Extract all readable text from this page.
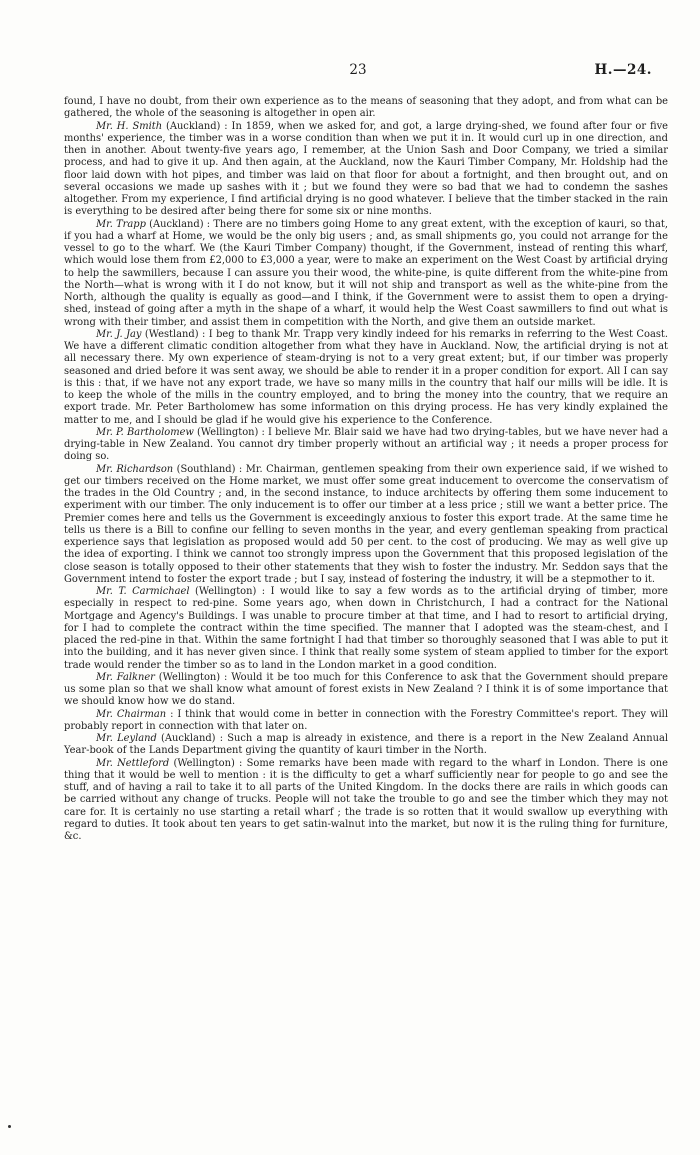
23	H.—24.

found, I have no doubt, from their own experience as to the means of seasoning that they adopt, and from what can be gathered, the whole of the seasoning is altogether in open air.

Mr. H. Smith (Auckland) : In 1859, when we asked for, and got, a large drying-shed, we found after four or five months' experience, the timber was in a worse condition than when we put it in. It would curl up in one direction, and then in another. About twenty-five years ago, I remember, at the Union Sash and Door Company, we tried a similar process, and had to give it up. And then again, at the Auckland, now the Kauri Timber Company, Mr. Holdship had the floor laid down with hot pipes, and timber was laid on that floor for about a fortnight, and then brought out, and on several occasions we made up sashes with it ; but we found they were so bad that we had to condemn the sashes altogether. From my experience, I find artificial drying is no good whatever. I believe that the timber stacked in the rain is everything to be desired after being there for some six or nine months.

Mr. Trapp (Auckland) : There are no timbers going Home to any great extent, with the exception of kauri, so that, if you had a wharf at Home, we would be the only big users ; and, as small shipments go, you could not arrange for the vessel to go to the wharf. We (the Kauri Timber Company) thought, if the Government, instead of renting this wharf, which would lose them from £2,000 to £3,000 a year, were to make an experiment on the West Coast by artificial drying to help the sawmillers, because I can assure you their wood, the white-pine, is quite different from the white-pine from the North—what is wrong with it I do not know, but it will not ship and transport as well as the white-pine from the North, although the quality is equally as good—and I think, if the Government were to assist them to open a drying-shed, instead of going after a myth in the shape of a wharf, it would help the West Coast sawmillers to find out what is wrong with their timber, and assist them in competition with the North, and give them an outside market.

Mr. J. Jay (Westland) : I beg to thank Mr. Trapp very kindly indeed for his remarks in referring to the West Coast. We have a different climatic condition altogether from what they have in Auckland. Now, the artificial drying is not at all necessary there. My own experience of steam-drying is not to a very great extent; but, if our timber was properly seasoned and dried before it was sent away, we should be able to render it in a proper condition for export. All I can say is this : that, if we have not any export trade, we have so many mills in the country that half our mills will be idle. It is to keep the whole of the mills in the country employed, and to bring the money into the country, that we require an export trade. Mr. Peter Bartholomew has some information on this drying process. He has very kindly explained the matter to me, and I should be glad if he would give his experience to the Conference.

Mr. P. Bartholomew (Wellington) : I believe Mr. Blair said we have had two drying-tables, but we have never had a drying-table in New Zealand. You cannot dry timber properly without an artificial way ; it needs a proper process for doing so.

Mr. Richardson (Southland) : Mr. Chairman, gentlemen speaking from their own experience said, if we wished to get our timbers received on the Home market, we must offer some great inducement to overcome the conservatism of the trades in the Old Country ; and, in the second instance, to induce architects by offering them some inducement to experiment with our timber. The only inducement is to offer our timber at a less price ; still we want a better price. The Premier comes here and tells us the Government is exceedingly anxious to foster this export trade. At the same time he tells us there is a Bill to confine our felling to seven months in the year, and every gentleman speaking from practical experience says that legislation as proposed would add 50 per cent. to the cost of producing. We may as well give up the idea of exporting. I think we cannot too strongly impress upon the Government that this proposed legislation of the close season is totally opposed to their other statements that they wish to foster the industry. Mr. Seddon says that the Government intend to foster the export trade ; but I say, instead of fostering the industry, it will be a stepmother to it.

Mr. T. Carmichael (Wellington) : I would like to say a few words as to the artificial drying of timber, more especially in respect to red-pine. Some years ago, when down in Christchurch, I had a contract for the National Mortgage and Agency's Buildings. I was unable to procure timber at that time, and I had to resort to artificial drying, for I had to complete the contract within the time specified. The manner that I adopted was the steam-chest, and I placed the red-pine in that. Within the same fortnight I had that timber so thoroughly seasoned that I was able to put it into the building, and it has never given since. I think that really some system of steam applied to timber for the export trade would render the timber so as to land in the London market in a good condition.

Mr. Falkner (Wellington) : Would it be too much for this Conference to ask that the Government should prepare us some plan so that we shall know what amount of forest exists in New Zealand ? I think it is of some importance that we should know how we do stand.

Mr. Chairman : I think that would come in better in connection with the Forestry Committee's report. They will probably report in connection with that later on.

Mr. Leyland (Auckland) : Such a map is already in existence, and there is a report in the New Zealand Annual Year-book of the Lands Department giving the quantity of kauri timber in the North.

Mr. Nettleford (Wellington) : Some remarks have been made with regard to the wharf in London. There is one thing that it would be well to mention : it is the difficulty to get a wharf sufficiently near for people to go and see the stuff, and of having a rail to take it to all parts of the United Kingdom. In the docks there are rails in which goods can be carried without any change of trucks. People will not take the trouble to go and see the timber which they may not care for. It is certainly no use starting a retail wharf ; the trade is so rotten that it would swallow up everything with regard to duties. It took about ten years to get satin-walnut into the market, but now it is the ruling thing for furniture, &c.
